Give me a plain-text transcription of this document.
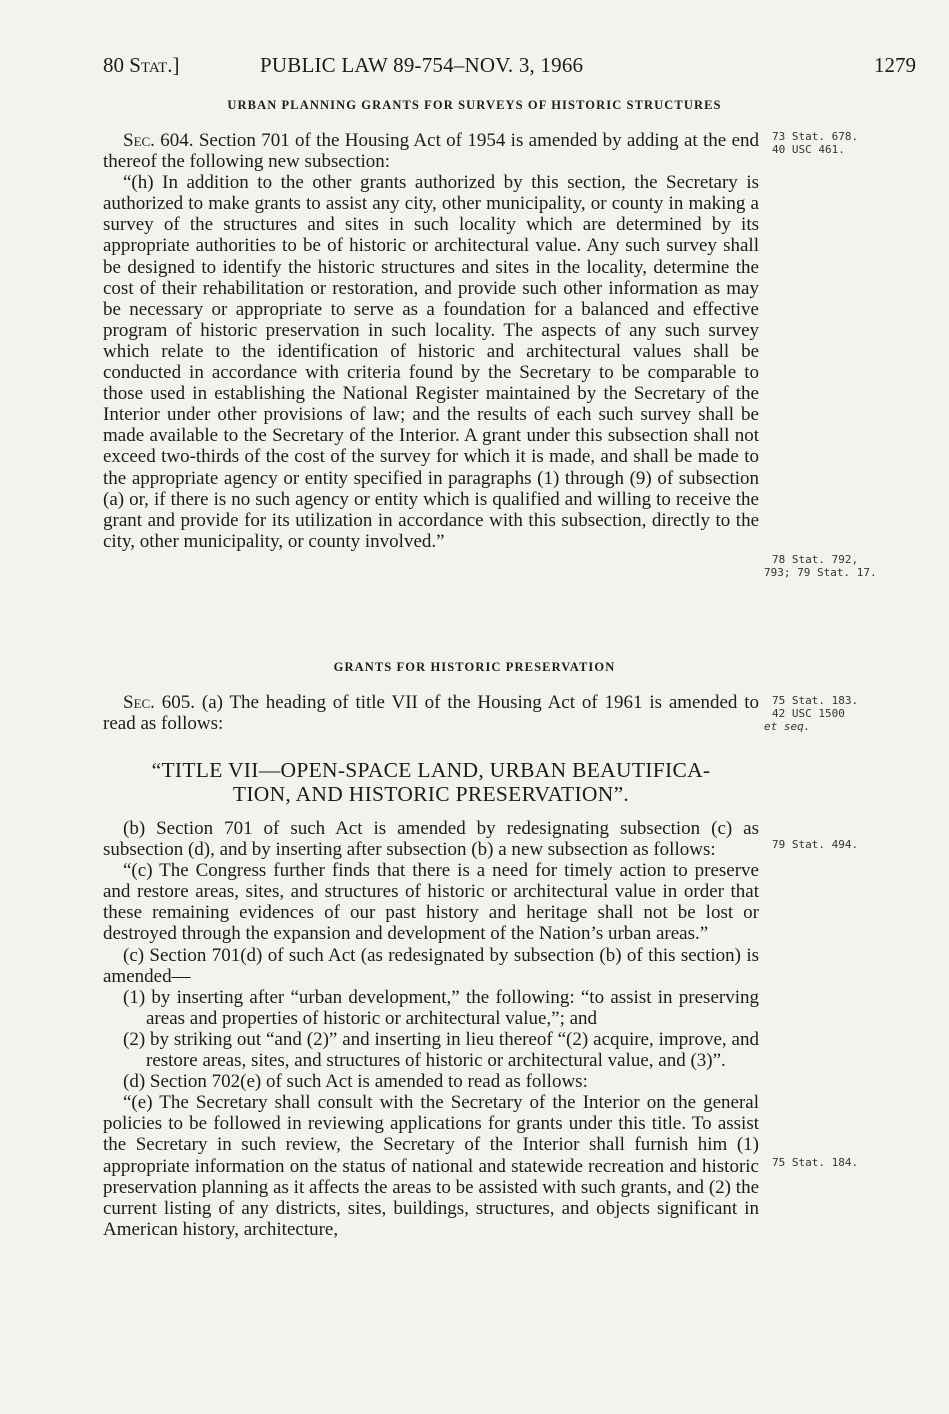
80 Stat.]	PUBLIC LAW 89-754–NOV. 3, 1966	1279
URBAN PLANNING GRANTS FOR SURVEYS OF HISTORIC STRUCTURES

Sec. 604. Section 701 of the Housing Act of 1954 is amended by adding at the end thereof the following new subsection:

“(h) In addition to the other grants authorized by this section, the Secretary is authorized to make grants to assist any city, other municipality, or county in making a survey of the structures and sites in such locality which are determined by its appropriate authorities to be of historic or architectural value. Any such survey shall be designed to identify the historic structures and sites in the locality, determine the cost of their rehabilitation or restoration, and provide such other information as may be necessary or appropriate to serve as a foundation for a balanced and effective program of historic preservation in such locality. The aspects of any such survey which relate to the identification of historic and architectural values shall be conducted in accordance with criteria found by the Secretary to be comparable to those used in establishing the National Register maintained by the Secretary of the Interior under other provisions of law; and the results of each such survey shall be made available to the Secretary of the Interior. A grant under this subsection shall not exceed two-thirds of the cost of the survey for which it is made, and shall be made to the appropriate agency or entity specified in paragraphs (1) through (9) of subsection (a) or, if there is no such agency or entity which is qualified and willing to receive the grant and provide for its utilization in accordance with this subsection, directly to the city, other municipality, or county involved.”

GRANTS FOR HISTORIC PRESERVATION

Sec. 605. (a) The heading of title VII of the Housing Act of 1961 is amended to read as follows:

“TITLE VII—OPEN-SPACE LAND, URBAN BEAUTIFICA-
TION, AND HISTORIC PRESERVATION”.

(b) Section 701 of such Act is amended by redesignating subsection (c) as subsection (d), and by inserting after subsection (b) a new subsection as follows:

“(c) The Congress further finds that there is a need for timely action to preserve and restore areas, sites, and structures of historic or architectural value in order that these remaining evidences of our past history and heritage shall not be lost or destroyed through the expansion and development of the Nation’s urban areas.”

(c) Section 701(d) of such Act (as redesignated by subsection (b) of this section) is amended—

(1) by inserting after “urban development,” the following: “to assist in preserving areas and properties of historic or architectural value,”; and

(2) by striking out “and (2)” and inserting in lieu thereof “(2) acquire, improve, and restore areas, sites, and structures of historic or architectural value, and (3)”.

(d) Section 702(e) of such Act is amended to read as follows:

“(e) The Secretary shall consult with the Secretary of the Interior on the general policies to be followed in reviewing applications for grants under this title. To assist the Secretary in such review, the Secretary of the Interior shall furnish him (1) appropriate information on the status of national and statewide recreation and historic preservation planning as it affects the areas to be assisted with such grants, and (2) the current listing of any districts, sites, buildings, structures, and objects significant in American history, architecture,

73 Stat. 678.
40 USC 461.
78 Stat. 792,
793; 79 Stat. 17.
75 Stat. 183.
42 USC 1500
et seq.
79 Stat. 494.
75 Stat. 184.
